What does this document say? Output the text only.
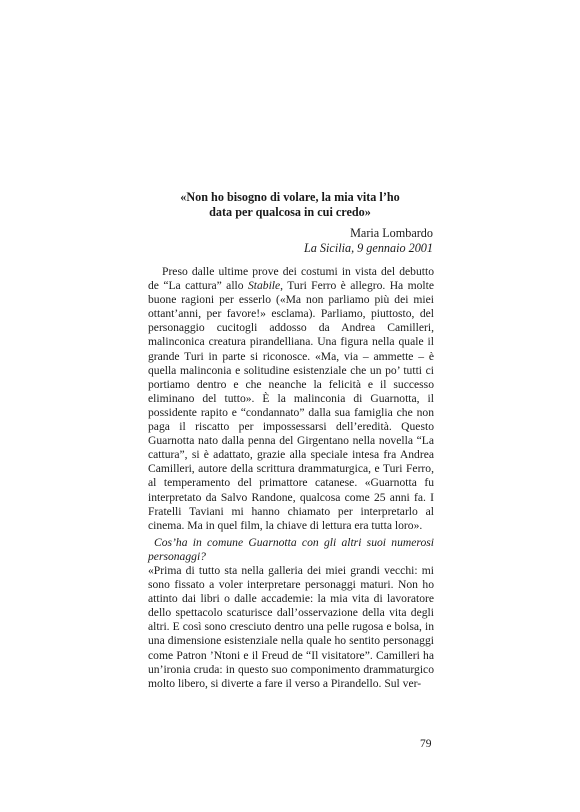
«Non ho bisogno di volare, la mia vita l’ho
data per qualcosa in cui credo»
Maria Lombardo
La Sicilia, 9 gennaio 2001

Preso dalle ultime prove dei costumi in vista del debutto de “La cattura” allo Stabile, Turi Ferro è allegro. Ha molte buone ragioni per esserlo («Ma non parliamo più dei miei ottant’anni, per favore!» esclama). Parliamo, piuttosto, del personaggio cucitogli addosso da Andrea Camilleri, malinconica creatura pirandelliana. Una figura nella quale il grande Turi in parte si riconosce. «Ma, via – ammette – è quella malinconia e solitudine esistenziale che un po’ tutti ci portiamo dentro e che neanche la felicità e il successo eliminano del tutto». È la malinconia di Guarnotta, il possidente rapito e “condannato” dalla sua famiglia che non paga il riscatto per impossessarsi dell’eredità. Questo Guarnotta nato dalla penna del Girgentano nella novella “La cattura”, si è adattato, grazie alla speciale intesa fra Andrea Camilleri, autore della scrittura drammaturgica, e Turi Ferro, al temperamento del primattore catanese. «Guarnotta fu interpretato da Salvo Randone, qualcosa come 25 anni fa. I Fratelli Taviani mi hanno chiamato per interpretarlo al cinema. Ma in quel film, la chiave di lettura era tutta loro».

Cos’ha in comune Guarnotta con gli altri suoi numerosi personaggi?

«Prima di tutto sta nella galleria dei miei grandi vecchi: mi sono fissato a voler interpretare personaggi maturi. Non ho attinto dai libri o dalle accademie: la mia vita di lavoratore dello spettacolo scaturisce dall’osservazione della vita degli altri. E così sono cresciuto dentro una pelle rugosa e bolsa, in una dimensione esistenziale nella quale ho sentito personaggi come Patron ’Ntoni e il Freud de “Il visitatore”. Camilleri ha un’ironia cruda: in questo suo componimento drammaturgico molto libero, si diverte a fare il verso a Pirandello. Sul ver-

79
